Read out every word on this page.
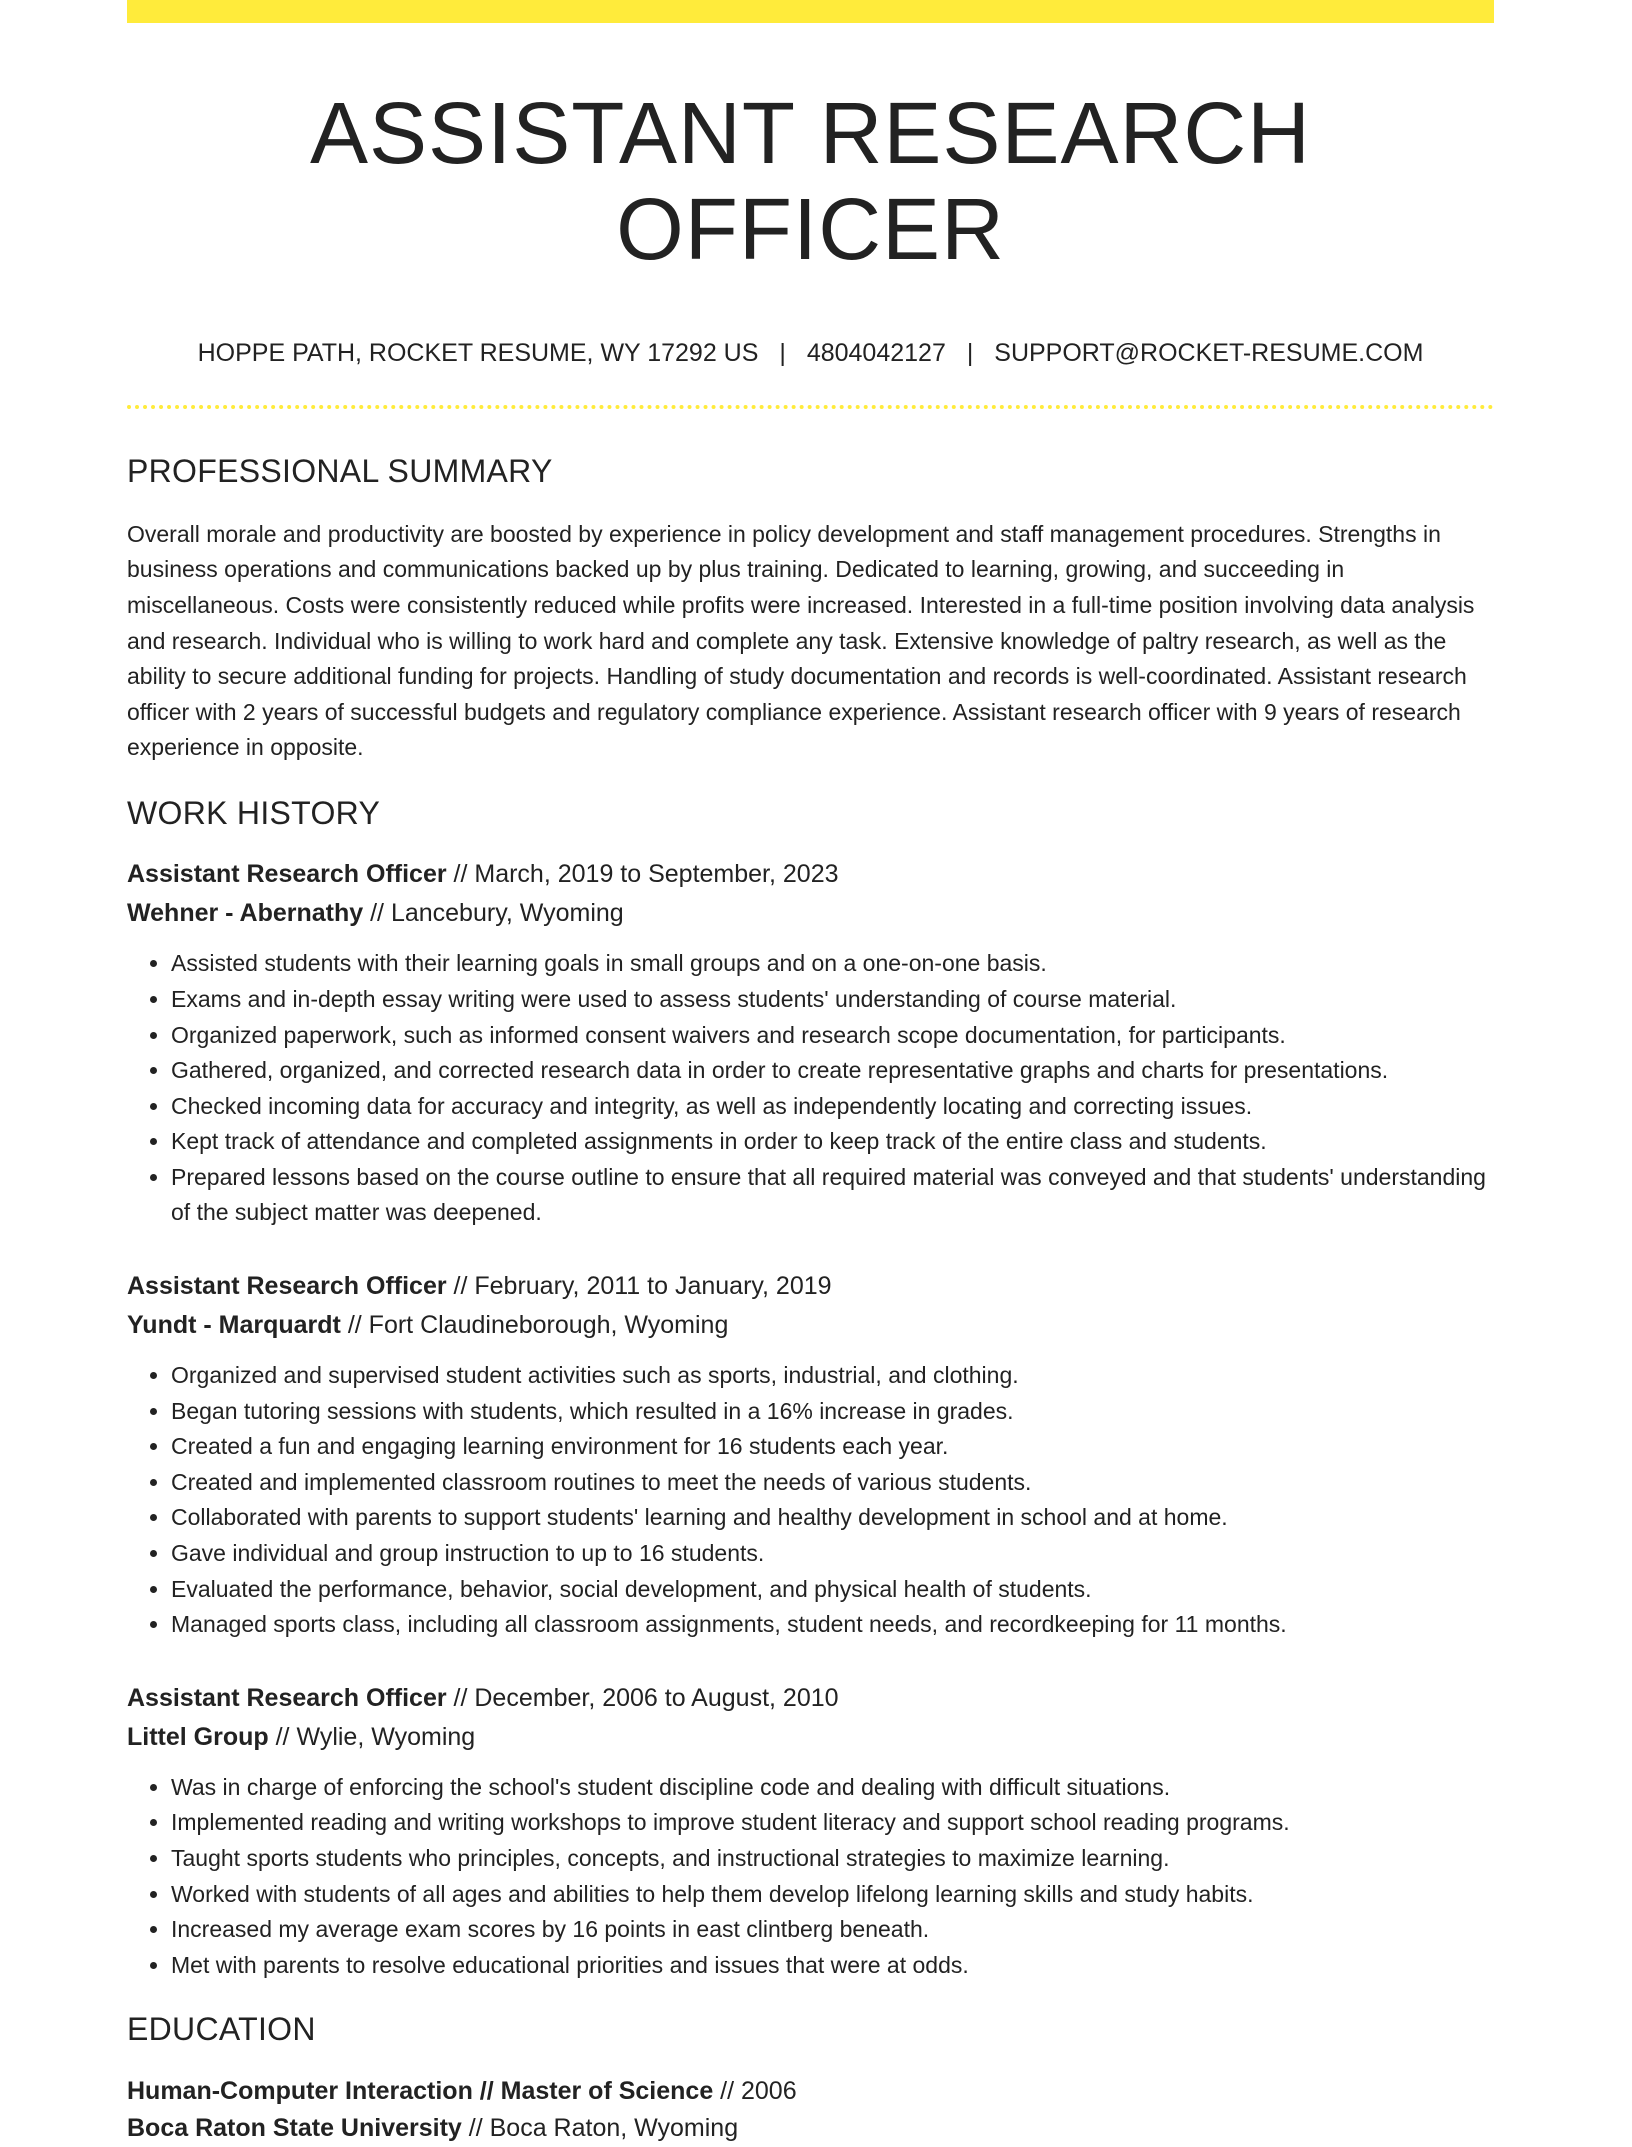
ASSISTANT RESEARCH OFFICER
HOPPE PATH, ROCKET RESUME, WY 17292 US | 4804042127 | SUPPORT@ROCKET-RESUME.COM
PROFESSIONAL SUMMARY

Overall morale and productivity are boosted by experience in policy development and staff management procedures. Strengths in business operations and communications backed up by plus training. Dedicated to learning, growing, and succeeding in miscellaneous. Costs were consistently reduced while profits were increased. Interested in a full-time position involving data analysis and research. Individual who is willing to work hard and complete any task. Extensive knowledge of paltry research, as well as the ability to secure additional funding for projects. Handling of study documentation and records is well-coordinated. Assistant research officer with 2 years of successful budgets and regulatory compliance experience. Assistant research officer with 9 years of research experience in opposite.

WORK HISTORY
Assistant Research Officer // March, 2019 to September, 2023
Wehner - Abernathy // Lancebury, Wyoming
• Assisted students with their learning goals in small groups and on a one-on-one basis.
• Exams and in-depth essay writing were used to assess students' understanding of course material.
• Organized paperwork, such as informed consent waivers and research scope documentation, for participants.
• Gathered, organized, and corrected research data in order to create representative graphs and charts for presentations.
• Checked incoming data for accuracy and integrity, as well as independently locating and correcting issues.
• Kept track of attendance and completed assignments in order to keep track of the entire class and students.
• Prepared lessons based on the course outline to ensure that all required material was conveyed and that students' understanding of the subject matter was deepened.
Assistant Research Officer // February, 2011 to January, 2019
Yundt - Marquardt // Fort Claudineborough, Wyoming
• Organized and supervised student activities such as sports, industrial, and clothing.
• Began tutoring sessions with students, which resulted in a 16% increase in grades.
• Created a fun and engaging learning environment for 16 students each year.
• Created and implemented classroom routines to meet the needs of various students.
• Collaborated with parents to support students' learning and healthy development in school and at home.
• Gave individual and group instruction to up to 16 students.
• Evaluated the performance, behavior, social development, and physical health of students.
• Managed sports class, including all classroom assignments, student needs, and recordkeeping for 11 months.
Assistant Research Officer // December, 2006 to August, 2010
Littel Group // Wylie, Wyoming
• Was in charge of enforcing the school's student discipline code and dealing with difficult situations.
• Implemented reading and writing workshops to improve student literacy and support school reading programs.
• Taught sports students who principles, concepts, and instructional strategies to maximize learning.
• Worked with students of all ages and abilities to help them develop lifelong learning skills and study habits.
• Increased my average exam scores by 16 points in east clintberg beneath.
• Met with parents to resolve educational priorities and issues that were at odds.
EDUCATION
Human-Computer Interaction // Master of Science // 2006
Boca Raton State University // Boca Raton, Wyoming
